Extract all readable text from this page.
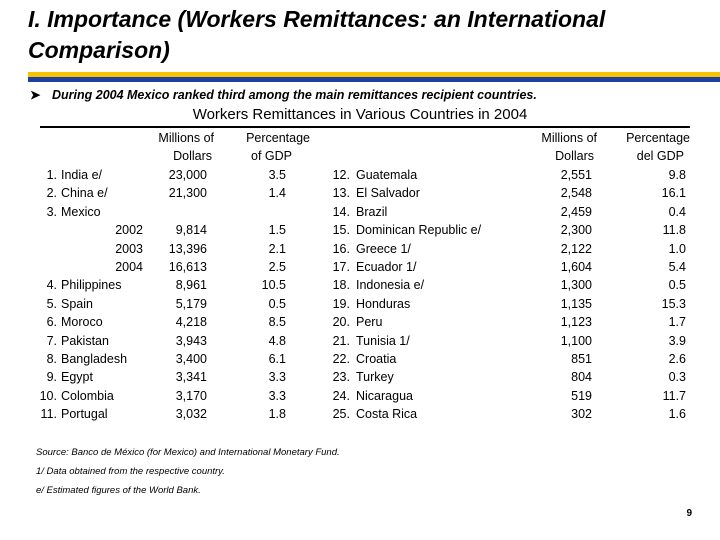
I. Importance (Workers Remittances: an International Comparison)
➤ During 2004 Mexico ranked third among the main remittances recipient countries.
Workers Remittances in Various Countries in 2004
Millions of
Dollars
Percentage
of GDP
Millions of
Dollars
Percentage
del GDP
1. India e/	23,000	3.5
2. China e/	21,300	1.4
3. Mexico
2002	9,814	1.5
2003	13,396	2.1
2004	16,613	2.5
4. Philippines	8,961	10.5
5. Spain	5,179	0.5
6. Moroco	4,218	8.5
7. Pakistan	3,943	4.8
8. Bangladesh	3,400	6.1
9. Egypt	3,341	3.3
10. Colombia	3,170	3.3
11. Portugal	3,032	1.8
12. Guatemala	2,551	9.8
13. El Salvador	2,548	16.1
14. Brazil	2,459	0.4
15. Dominican Republic e/	2,300	11.8
16. Greece 1/	2,122	1.0
17. Ecuador 1/	1,604	5.4
18. Indonesia e/	1,300	0.5
19. Honduras	1,135	15.3
20. Peru	1,123	1.7
21. Tunisia 1/	1,100	3.9
22. Croatia	851	2.6
23. Turkey	804	0.3
24. Nicaragua	519	11.7
25. Costa Rica	302	1.6
Source: Banco de México (for Mexico) and International Monetary Fund.
1/ Data obtained from the respective country.
e/ Estimated figures of the World Bank.
9
